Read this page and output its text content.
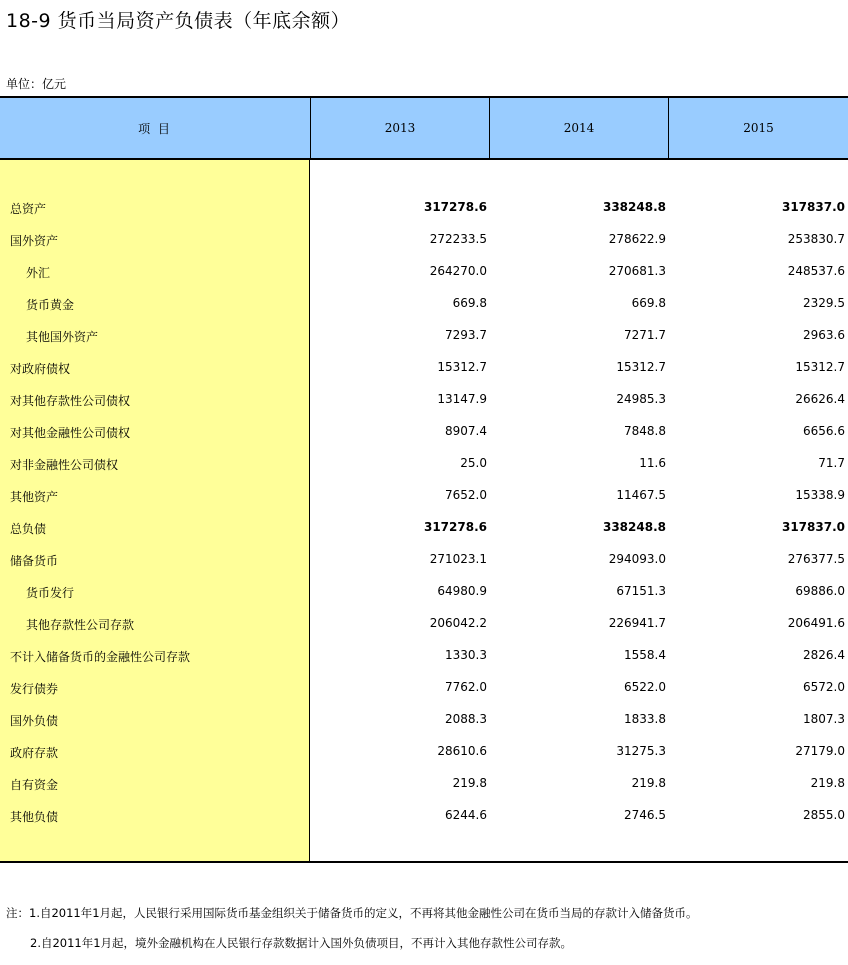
18-9 货币当局资产负债表（年底余额）
单位：亿元
项 目	2013	2014	2015
总资产	317278.6	338248.8	317837.0
国外资产	272233.5	278622.9	253830.7
外汇	264270.0	270681.3	248537.6
货币黄金	669.8	669.8	2329.5
其他国外资产	7293.7	7271.7	2963.6
对政府债权	15312.7	15312.7	15312.7
对其他存款性公司债权	13147.9	24985.3	26626.4
对其他金融性公司债权	8907.4	7848.8	6656.6
对非金融性公司债权	25.0	11.6	71.7
其他资产	7652.0	11467.5	15338.9
总负债	317278.6	338248.8	317837.0
储备货币	271023.1	294093.0	276377.5
货币发行	64980.9	67151.3	69886.0
其他存款性公司存款	206042.2	226941.7	206491.6
不计入储备货币的金融性公司存款	1330.3	1558.4	2826.4
发行债券	7762.0	6522.0	6572.0
国外负债	2088.3	1833.8	1807.3
政府存款	28610.6	31275.3	27179.0
自有资金	219.8	219.8	219.8
其他负债	6244.6	2746.5	2855.0
注：1.自2011年1月起，人民银行采用国际货币基金组织关于储备货币的定义，不再将其他金融性公司在货币当局的存款计入储备货币。
2.自2011年1月起，境外金融机构在人民银行存款数据计入国外负债项目，不再计入其他存款性公司存款。
